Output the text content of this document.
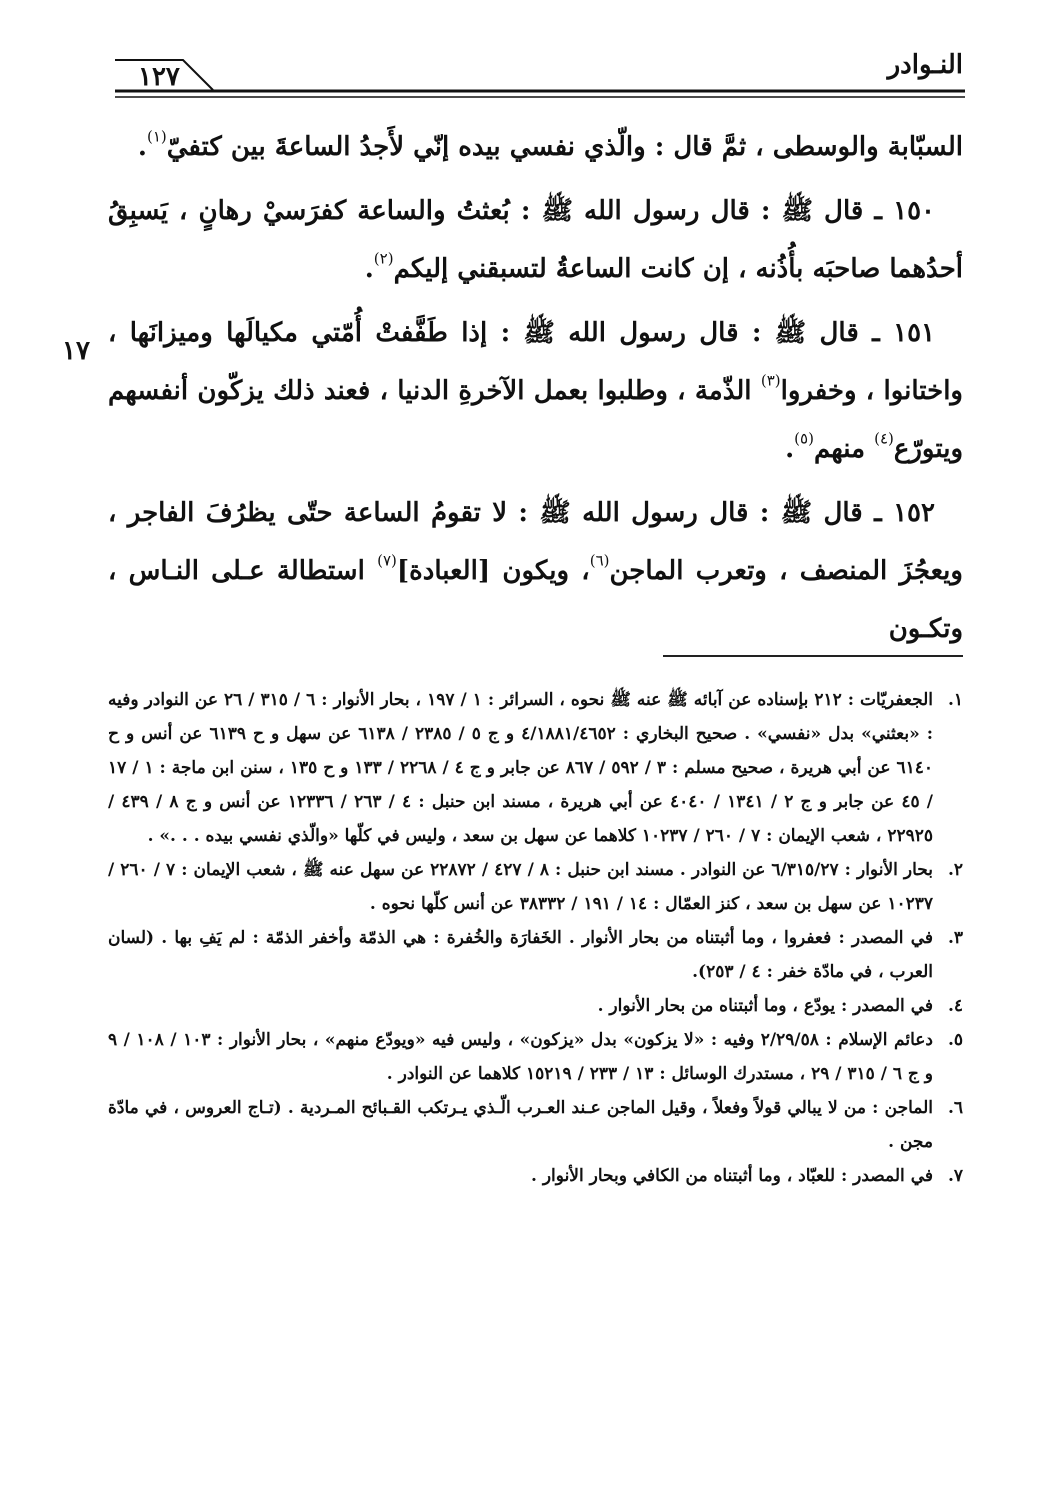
النـوادر
١٢٧
١٧

السبّابة والوسطى ، ثمَّ قال : والّذي نفسي بيده إنّي لأَجدُ الساعةَ بين كتفيّ$^{(١)}$.

١٥٠ ـ قال ﷺ : قال رسول الله ﷺ : بُعثتُ والساعة كفرَسيْ رهانٍ ، يَسبِقُ أحدُهما صاحبَه بأُذُنه ، إن كانت الساعةُ لتسبقني إليكم$^{(٢)}$.

١٥١ ـ قال ﷺ : قال رسول الله ﷺ : إذا طَفَّفتْ أُمّتي مكيالَها وميزانَها ، واختانوا ، وخفروا$^{(٣)}$ الذّمة ، وطلبوا بعمل الآخرةِ الدنيا ، فعند ذلك يزكّون أنفسهم ويتورّع$^{(٤)}$ منهم$^{(٥)}$.

١٥٢ ـ قال ﷺ : قال رسول الله ﷺ : لا تقومُ الساعة حتّى يظرُفَ الفاجر ، ويعجُزَ المنصف ، وتعرب الماجن$^{(٦)}$، ويكون [العبادة]$^{(٧)}$ استطالة عـلى النـاس ، وتكـون

١.
الجعفريّات : ٢١٢ بإسناده عن آبائه ﷺ عنه ﷺ نحوه ، السرائر : ١ / ١٩٧ ، بحار الأنوار : ٦ / ٣١٥ / ٢٦ عن النوادر وفيه : «بعثني» بدل «نفسي» . صحيح البخاري : ٤/١٨٨١/٤٦٥٢ و ج ٥ / ٢٣٨٥ / ٦١٣٨ عن سهل و ح ٦١٣٩ عن أنس و ح ٦١٤٠ عن أبي هريرة ، صحيح مسلم : ٣ / ٥٩٢ / ٨٦٧ عن جابر و ج ٤ / ٢٢٦٨ / ١٣٣ و ح ١٣٥ ، سنن ابن ماجة : ١ / ١٧ / ٤٥ عن جابر و ج ٢ / ١٣٤١ / ٤٠٤٠ عن أبي هريرة ، مسند ابن حنبل : ٤ / ٢٦٣ / ١٢٣٣٦ عن أنس و ج ٨ / ٤٣٩ / ٢٢٩٢٥ ، شعب الإيمان : ٧ / ٢٦٠ / ١٠٢٣٧ كلاهما عن سهل بن سعد ، وليس في كلّها «والّذي نفسي بيده . . .» .
٢.
بحار الأنوار : ٦/٣١٥/٢٧ عن النوادر . مسند ابن حنبل : ٨ / ٤٢٧ / ٢٢٨٧٢ عن سهل عنه ﷺ ، شعب الإيمان : ٧ / ٢٦٠ / ١٠٢٣٧ عن سهل بن سعد ، كنز العمّال : ١٤ / ١٩١ / ٣٨٣٣٢ عن أنس كلّها نحوه .
٣.
في المصدر : فعفروا ، وما أثبتناه من بحار الأنوار . الخَفارَة والخُفرة : هي الذمّة وأخفر الذمّة : لم يَفِ بها . (لسان العرب ، في مادّة خفر : ٤ / ٢٥٣).
٤.
في المصدر : يودّع ، وما أثبتناه من بحار الأنوار .
٥.
دعائم الإسلام : ٢/٢٩/٥٨ وفيه : «لا يزكون» بدل «يزكون» ، وليس فيه «ويودّع منهم» ، بحار الأنوار : ١٠٣ / ١٠٨ / ٩ و ج ٦ / ٣١٥ / ٢٩ ، مستدرك الوسائل : ١٣ / ٢٣٣ / ١٥٢١٩ كلاهما عن النوادر .
٦.
الماجن : من لا يبالي قولاً وفعلاً ، وقيل الماجن عـند العـرب الّـذي يـرتكب القـبائح المـردية . (تـاج العروس ، في مادّة مجن .
٧.
في المصدر : للعبّاد ، وما أثبتناه من الكافي وبحار الأنوار .
